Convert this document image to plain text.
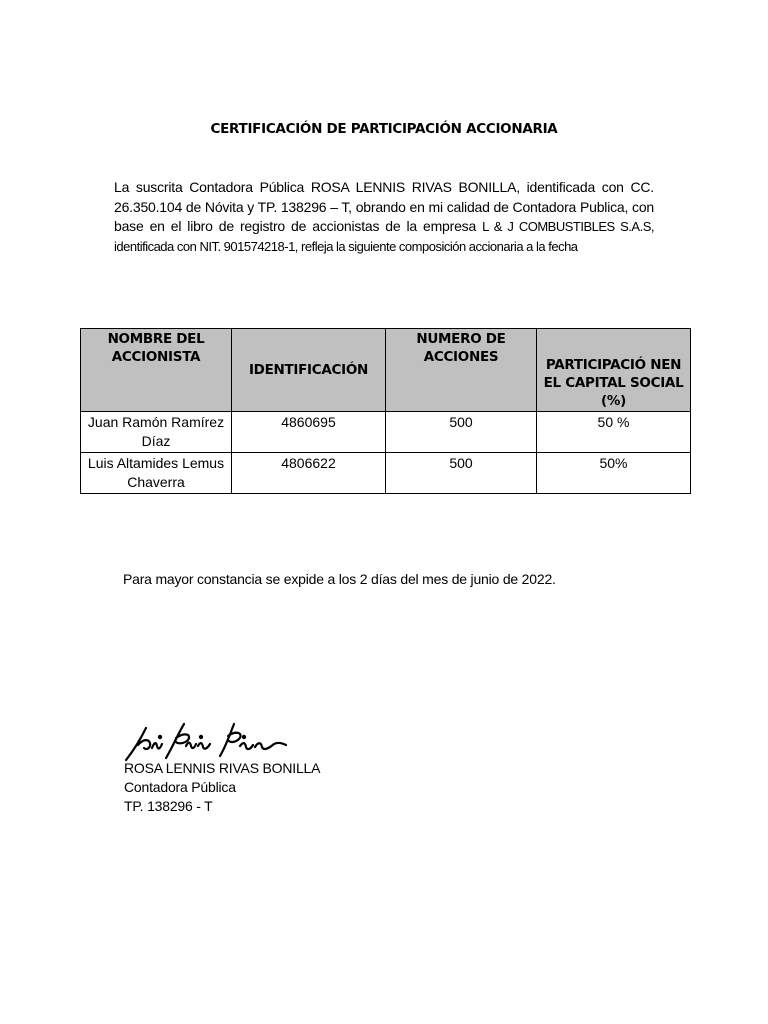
CERTIFICACIÓN DE PARTICIPACIÓN ACCIONARIA
La suscrita Contadora Pública ROSA LENNIS RIVAS BONILLA, identificada con CC. 26.350.104 de Nóvita y TP. 138296 – T, obrando en mi calidad de Contadora Publica, con base en el libro de registro de accionistas de la empresa L & J COMBUSTIBLES S.A.S, identificada con NIT. 901574218-1, refleja la siguiente composición accionaria a la fecha
NOMBRE DEL ACCIONISTA	IDENTIFICACIÓN	NUMERO DE ACCIONES	PARTICIPACIÓ NEN EL CAPITAL SOCIAL (%)
Juan Ramón Ramírez Díaz	4860695	500	50 %
Luis Altamides Lemus Chaverra	4806622	500	50%
Para mayor constancia se expide a los 2 días del mes de junio de 2022.
ROSA LENNIS RIVAS BONILLA
Contadora Pública
TP. 138296 - T
